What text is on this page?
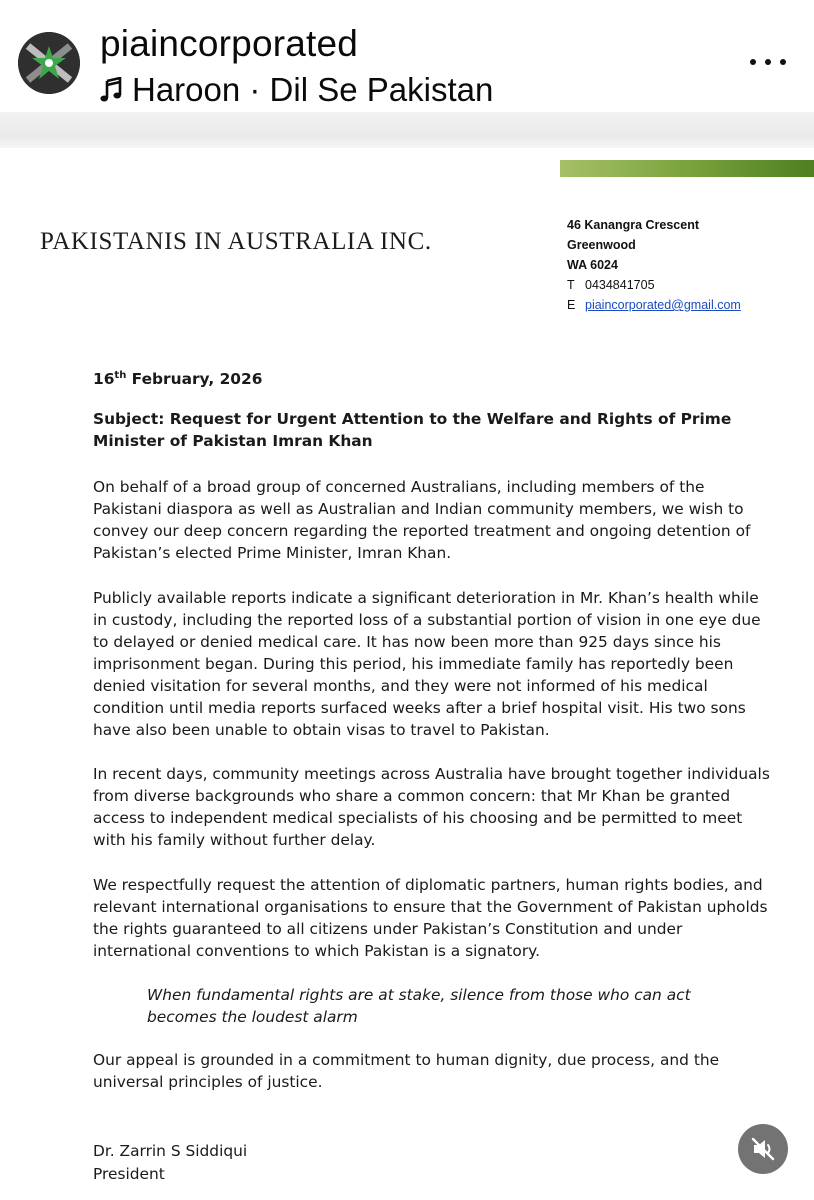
piaincorporated
Haroon · Dil Se Pakistan
PAKISTANIS IN AUSTRALIA INC.
46 Kanangra Crescent
Greenwood
WA 6024
T 0434841705
E piaincorporated@gmail.com
16th February, 2026
Subject: Request for Urgent Attention to the Welfare and Rights of Prime Minister of Pakistan Imran Khan
On behalf of a broad group of concerned Australians, including members of the Pakistani diaspora as well as Australian and Indian community members, we wish to convey our deep concern regarding the reported treatment and ongoing detention of Pakistan’s elected Prime Minister, Imran Khan.
Publicly available reports indicate a significant deterioration in Mr. Khan’s health while in custody, including the reported loss of a substantial portion of vision in one eye due to delayed or denied medical care. It has now been more than 925 days since his imprisonment began. During this period, his immediate family has reportedly been denied visitation for several months, and they were not informed of his medical condition until media reports surfaced weeks after a brief hospital visit. His two sons have also been unable to obtain visas to travel to Pakistan.
In recent days, community meetings across Australia have brought together individuals from diverse backgrounds who share a common concern: that Mr Khan be granted access to independent medical specialists of his choosing and be permitted to meet with his family without further delay.
We respectfully request the attention of diplomatic partners, human rights bodies, and relevant international organisations to ensure that the Government of Pakistan upholds the rights guaranteed to all citizens under Pakistan’s Constitution and under international conventions to which Pakistan is a signatory.
When fundamental rights are at stake, silence from those who can act
becomes the loudest alarm
Our appeal is grounded in a commitment to human dignity, due process, and the universal principles of justice.
Dr. Zarrin S Siddiqui
President
